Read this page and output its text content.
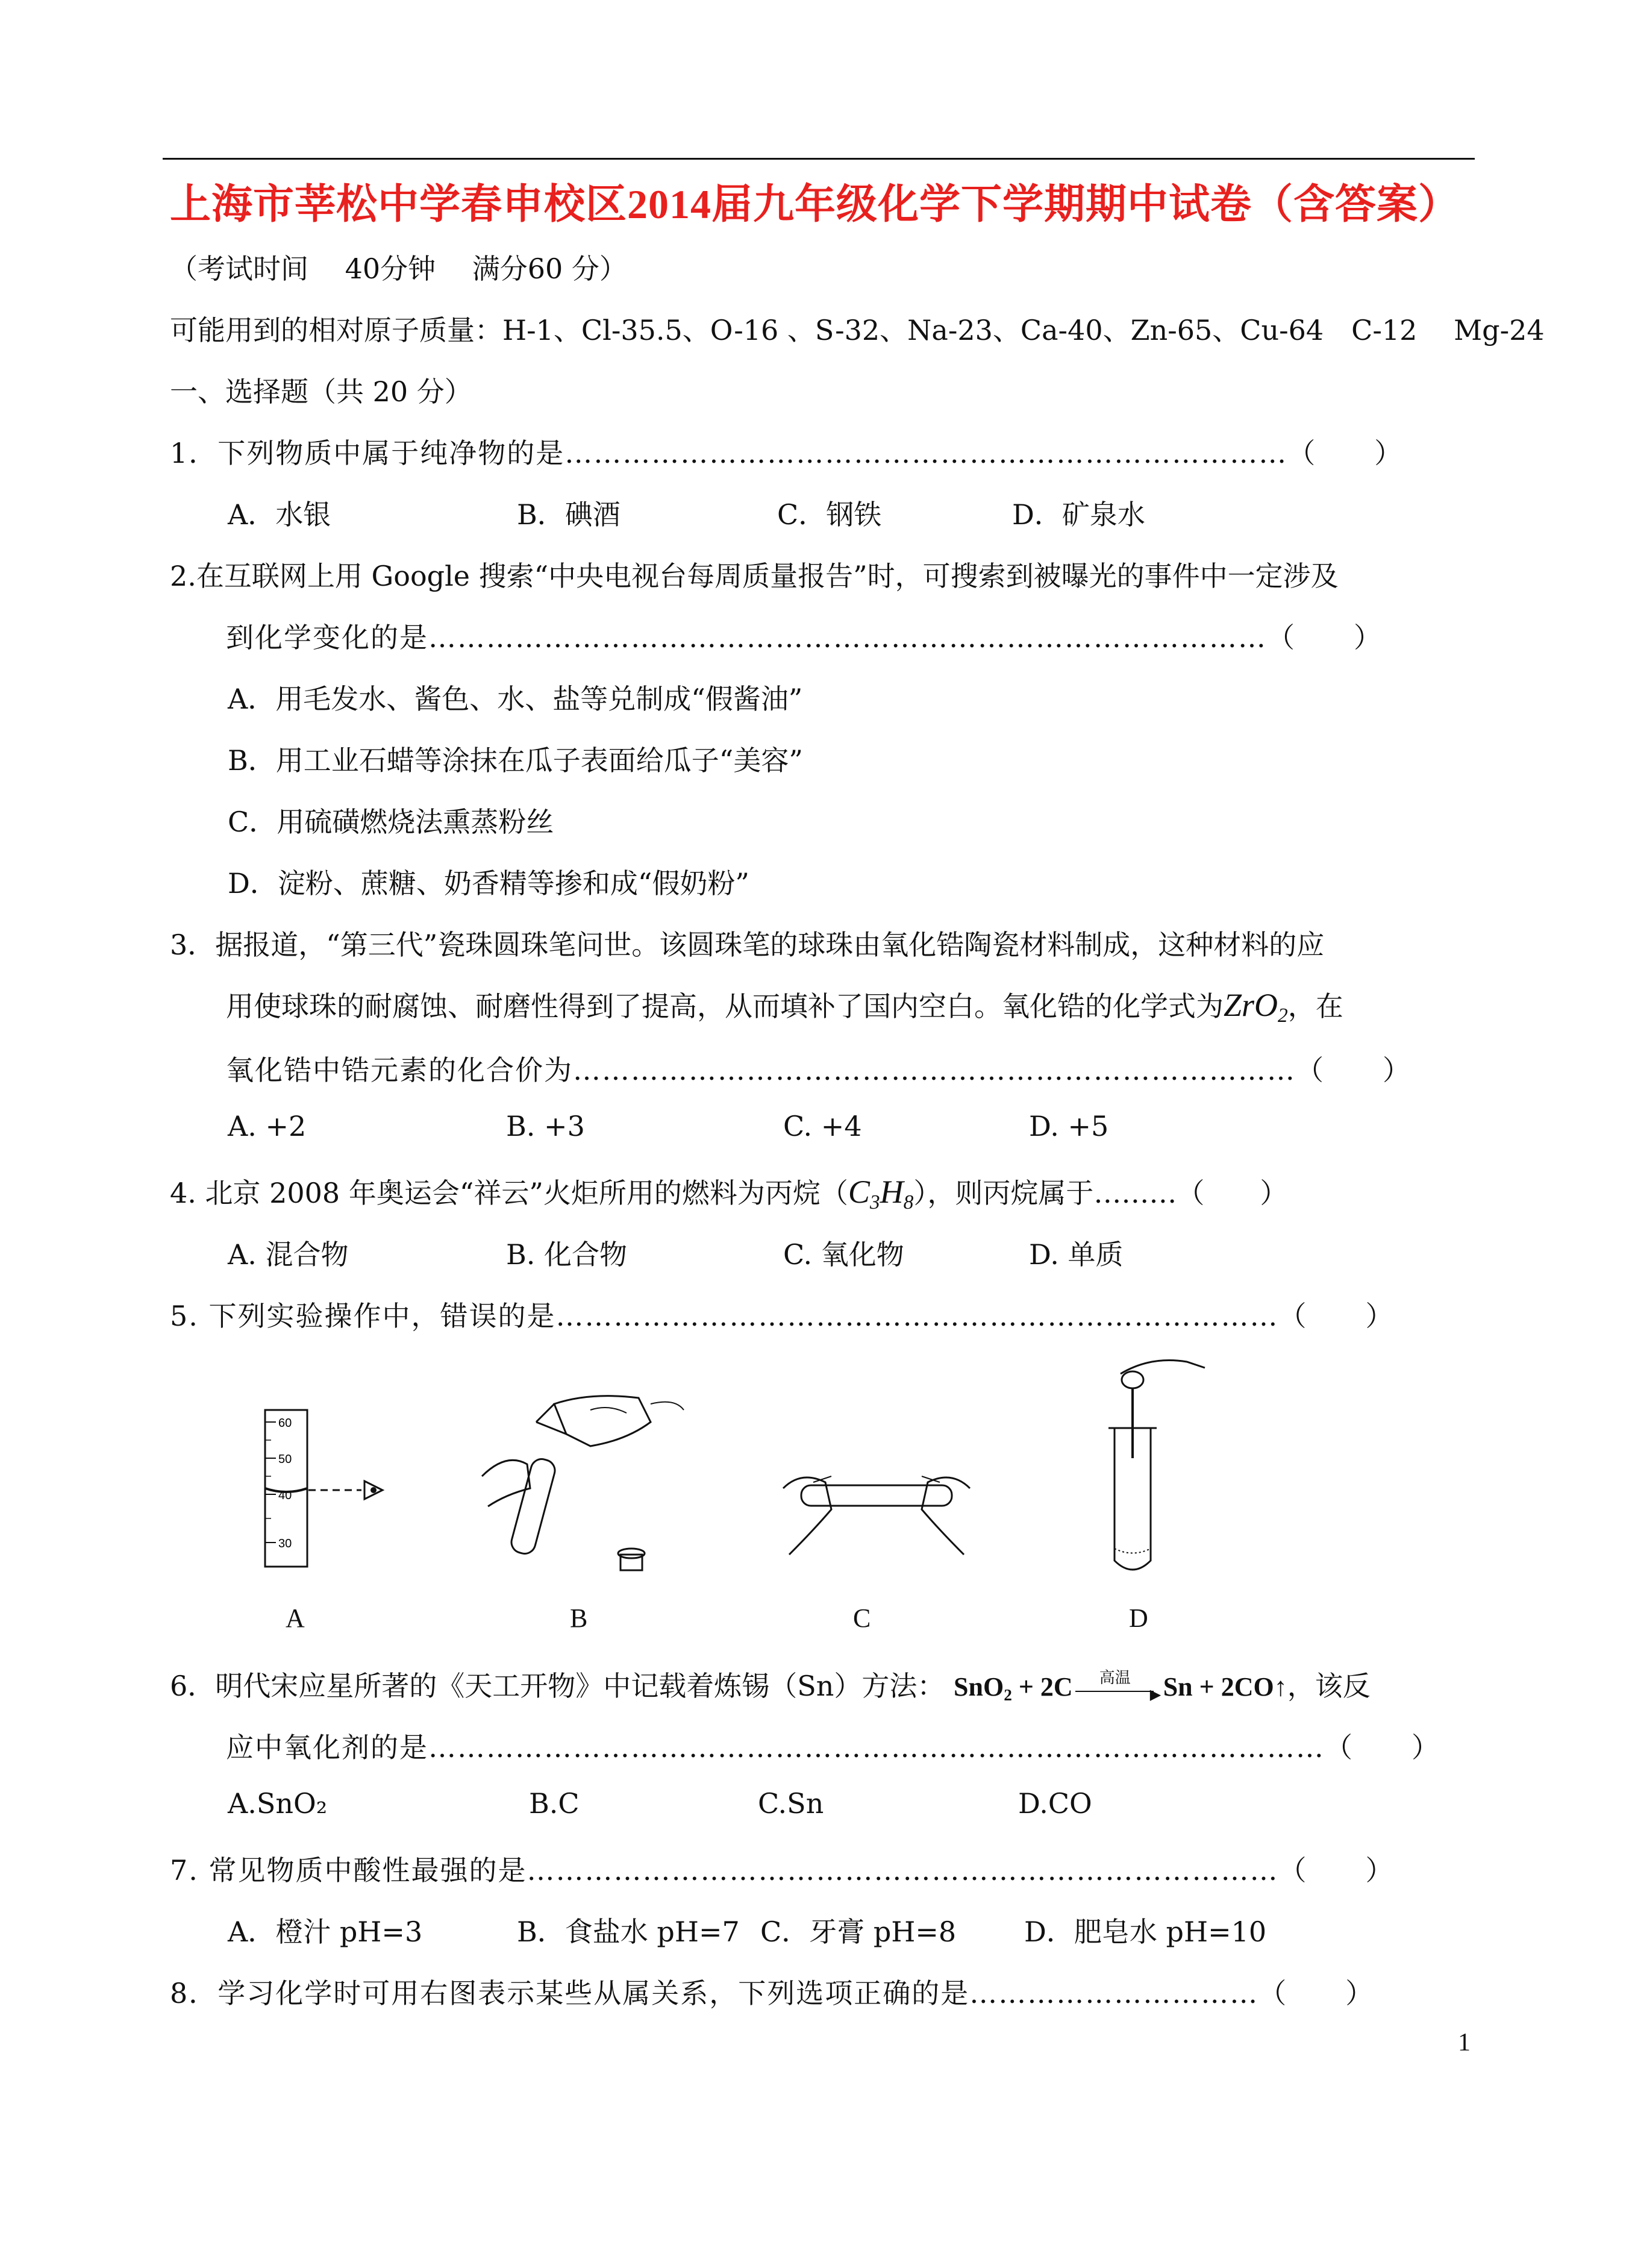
上海市莘松中学春申校区2014届九年级化学下学期期中试卷（含答案）
（考试时间　 40分钟　 满分60 分）
可能用到的相对原子质量：H-1、Cl-35.5、O-16 、S-32、Na-23、Ca-40、Zn-65、Cu-64　C-12　 Mg-24
一、选择题（共 20 分）
1．下列物质中属于纯净物的是…………………………………………………………………（　　）
A．水银	B．碘酒	C．钢铁	D．矿泉水
2.在互联网上用 Google 搜索“中央电视台每周质量报告”时，可搜索到被曝光的事件中一定涉及
到化学变化的是……………………………………………………………………………（　　）
A．用毛发水、酱色、水、盐等兑制成“假酱油”
B．用工业石蜡等涂抹在瓜子表面给瓜子“美容”
C．用硫磺燃烧法熏蒸粉丝
D．淀粉、蔗糖、奶香精等掺和成“假奶粉”
3．据报道，“第三代”瓷珠圆珠笔问世。该圆珠笔的球珠由氧化锆陶瓷材料制成，这种材料的应
用使球珠的耐腐蚀、耐磨性得到了提高，从而填补了国内空白。氧化锆的化学式为ZrO$_2$，在
氧化锆中锆元素的化合价为…………………………………………………………………（　　）
A. +2	B. +3	C. +4	D. +5
4. 北京 2008 年奥运会“祥云”火炬所用的燃料为丙烷$(C_3H_8)$，则丙烷属于………（　　）
A. 混合物	B. 化合物	C. 氧化物	D. 单质
5. 下列实验操作中，错误的是…………………………………………………………………（　　）
60
50
40
30
A	B	C	D
6．明代宋应星所著的《天工开物》中记载着炼锡（Sn）方法： SnO$_2$ + 2C 高温
▶ Sn + 2CO↑，该反
应中氧化剂的是…………………………………………………………………………………（　　）
A.SnO₂	B.C	C.Sn	D.CO
7. 常见物质中酸性最强的是……………………………………………………………………（　　）
A．橙汁 pH=3	B．食盐水 pH=7 C．牙膏 pH=8 D．肥皂水 pH=10
8．学习化学时可用右图表示某些从属关系，下列选项正确的是…………………………（　　）
1
